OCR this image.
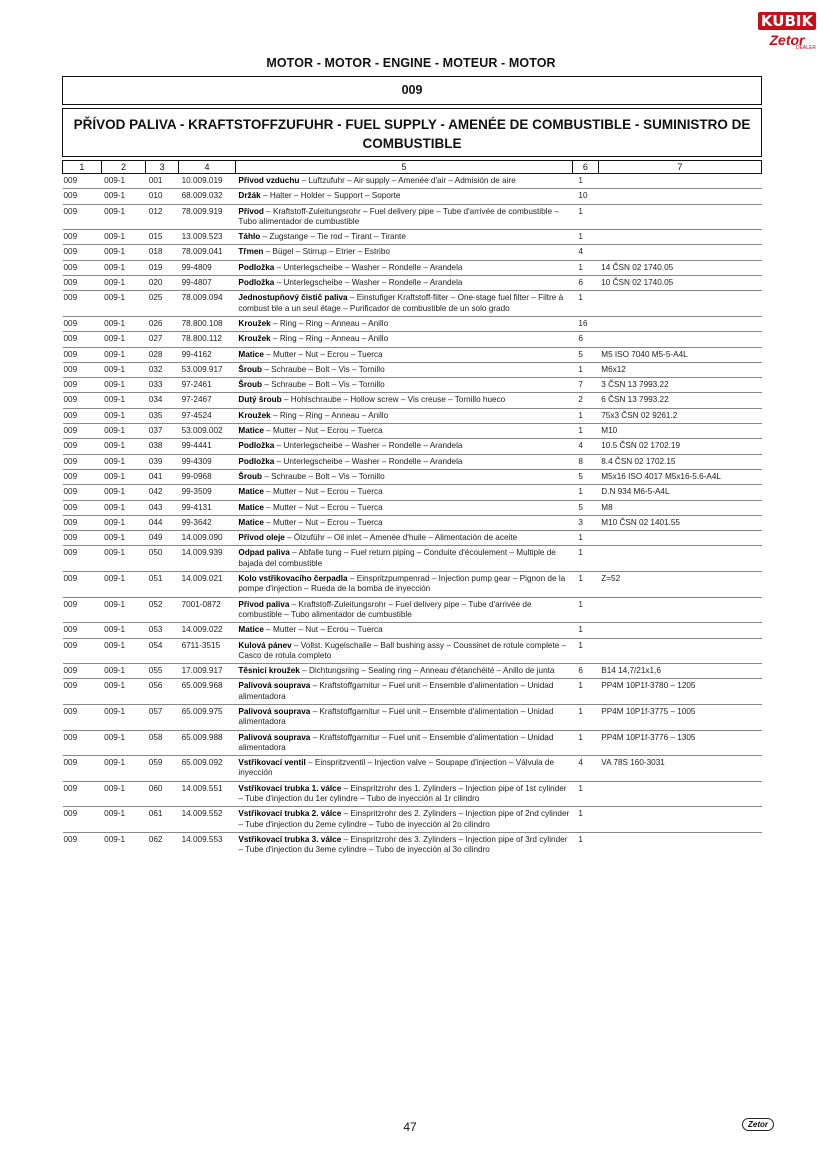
KUBIK
Zetor
DEALER
MOTOR - MOTOR - ENGINE - MOTEUR - MOTOR
009
PŘÍVOD PALIVA - KRAFTSTOFFZUFUHR - FUEL SUPPLY - AMENÉE DE COMBUSTIBLE - SUMINISTRO DE COMBUSTIBLE
1	2	3	4	5	6	7
009	009-1	001	10.009.019	Přívod vzduchu – Luftzufuhr – Air supply – Amenée d'air – Admisión de aire	1	
009	009-1	010	68.009.032	Držák – Halter – Holder – Support – Soporte	10	
009	009-1	012	78.009.919	Přívod – Kraftstoff-Zuleitungsrohr – Fuel delivery pipe – Tube d'arrivée de combustible – Tubo alimentador de cumbustible	1	
009	009-1	015	13.009.523	Táhlo – Zugstange – Tie rod – Tirant – Tirante	1	
009	009-1	018	78.009.041	Třmen – Bügel – Stirrup – Etrier – Estribo	4	
009	009-1	019	99-4809	Podložka – Unterlegscheibe – Washer – Rondelle – Arandela	1	14 ČSN 02 1740.05
009	009-1	020	99-4807	Podložka – Unterlegscheibe – Washer – Rondelle – Arandela	6	10 ČSN 02 1740.05
009	009-1	025	78.009.094	Jednostupňový čistič paliva – Einstufiger Kraftstoff-filter – One-stage fuel filter – Filtre à combust ble a un seul étage – Purificador de combustible de un solo grado	1	
009	009-1	026	78.800.108	Kroužek – Ring – Ring – Anneau – Anillo	16	
009	009-1	027	78.800.112	Kroužek – Ring – Ring – Anneau – Anillo	6	
009	009-1	028	99-4162	Matice – Mutter – Nut – Ecrou – Tuerca	5	M5 ISO 7040 M5-5-A4L
009	009-1	032	53.009.917	Šroub – Schraube – Bolt – Vis – Tornillo	1	M6x12
009	009-1	033	97-2461	Šroub – Schraube – Bolt – Vis – Tornillo	7	3 ČSN 13 7993.22
009	009-1	034	97-2467	Dutý šroub – Hohlschraube – Hollow screw – Vis creuse – Tornillo hueco	2	6 ČSN 13 7993.22
009	009-1	035	97-4524	Kroužek – Ring – Ring – Anneau – Anillo	1	75x3 ČSN 02 9261.2
009	009-1	037	53.009.002	Matice – Mutter – Nut – Ecrou – Tuerca	1	M10
009	009-1	038	99-4441	Podložka – Unterlegscheibe – Washer – Rondelle – Arandela	4	10.5 ČSN 02 1702.19
009	009-1	039	99-4309	Podložka – Unterlegscheibe – Washer – Rondelle – Arandela	8	8.4 ČSN 02 1702.15
009	009-1	041	99-0968	Šroub – Schraube – Bolt – Vis – Tornillo	5	M5x16 ISO 4017 M5x16-5.6-A4L
009	009-1	042	99-3509	Matice – Mutter – Nut – Ecrou – Tuerca	1	D.N 934 M6-5-A4L
009	009-1	043	99-4131	Matice – Mutter – Nut – Ecrou – Tuerca	5	M8
009	009-1	044	99-3642	Matice – Mutter – Nut – Ecrou – Tuerca	3	M10 ČSN 02 1401.55
009	009-1	049	14.009.090	Přívod oleje – Ölzuführ – Oil inlet – Amenée d'huile – Alimentación de aceite	1	
009	009-1	050	14.009.939	Odpad paliva – Abfalle tung – Fuel return piping – Conduite d'écoulement – Multiple de bajada del combustible	1	
009	009-1	051	14.009.021	Kolo vstřikovacího čerpadla – Einspritzpumpenrad – Injection pump gear – Pignon de la pompe d'injection – Rueda de la bomba de inyección	1	Z=52
009	009-1	052	7001-0872	Přívod paliva – Kraftstoff-Zuleitungsrohr – Fuel delivery pipe – Tube d'arrivée de combustible – Tubo alimentador de cumbustible	1	
009	009-1	053	14.009.022	Matice – Mutter – Nut – Ecrou – Tuerca	1	
009	009-1	054	6711-3515	Kulová pánev – Vollst. Kugelschalle – Ball bushing assy – Coussinet de rotule complete – Casco de rotula completo	1	
009	009-1	055	17.009.917	Těsnicí kroužek – Dichtungsring – Sealing ring – Anneau d'étanchéité – Anillo de junta	6	B14 14,7/21x1,6
009	009-1	056	65.009.968	Palivová souprava – Kraftstoffgarnitur – Fuel unit – Ensemble d'alimentation – Unidad alimentadora	1	PP4M 10P1f-3780 – 1205
009	009-1	057	65.009.975	Palivová souprava – Kraftstoffgarnitur – Fuel unit – Ensemble d'alimentation – Unidad alimentadora	1	PP4M 10P1f-3775 – 1005
009	009-1	058	65.009.988	Palivová souprava – Kraftstoffgarnitur – Fuel unit – Ensemble d'alimentation – Unidad alimentadora	1	PP4M 10P1f-3776 – 1305
009	009-1	059	65.009.092	Vstřikovací ventil – Einspritzventil – Injection valve – Soupape d'injection – Válvula de inyección	4	VA 78S 160-3031
009	009-1	060	14.009.551	Vstřikovací trubka 1. válce – Einspritzrohr des 1. Zylinders – Injection pipe of 1st cylinder – Tube d'injection du 1er cylindre – Tubo de inyección al 1r cilindro	1	
009	009-1	061	14.009.552	Vstřikovací trubka 2. válce – Einspritzrohr des 2. Zylinders – Injection pipe of 2nd cylinder – Tube d'injection du 2eme cylindre – Tubo de inyección al 2o cilindro	1	
009	009-1	062	14.009.553	Vstřikovací trubka 3. válce – Einspritzrohr des 3. Zylinders – Injection pipe of 3rd cylinder – Tube d'injection du 3eme cylindre – Tubo de inyección al 3o cilindro	1	
47	Zetor
